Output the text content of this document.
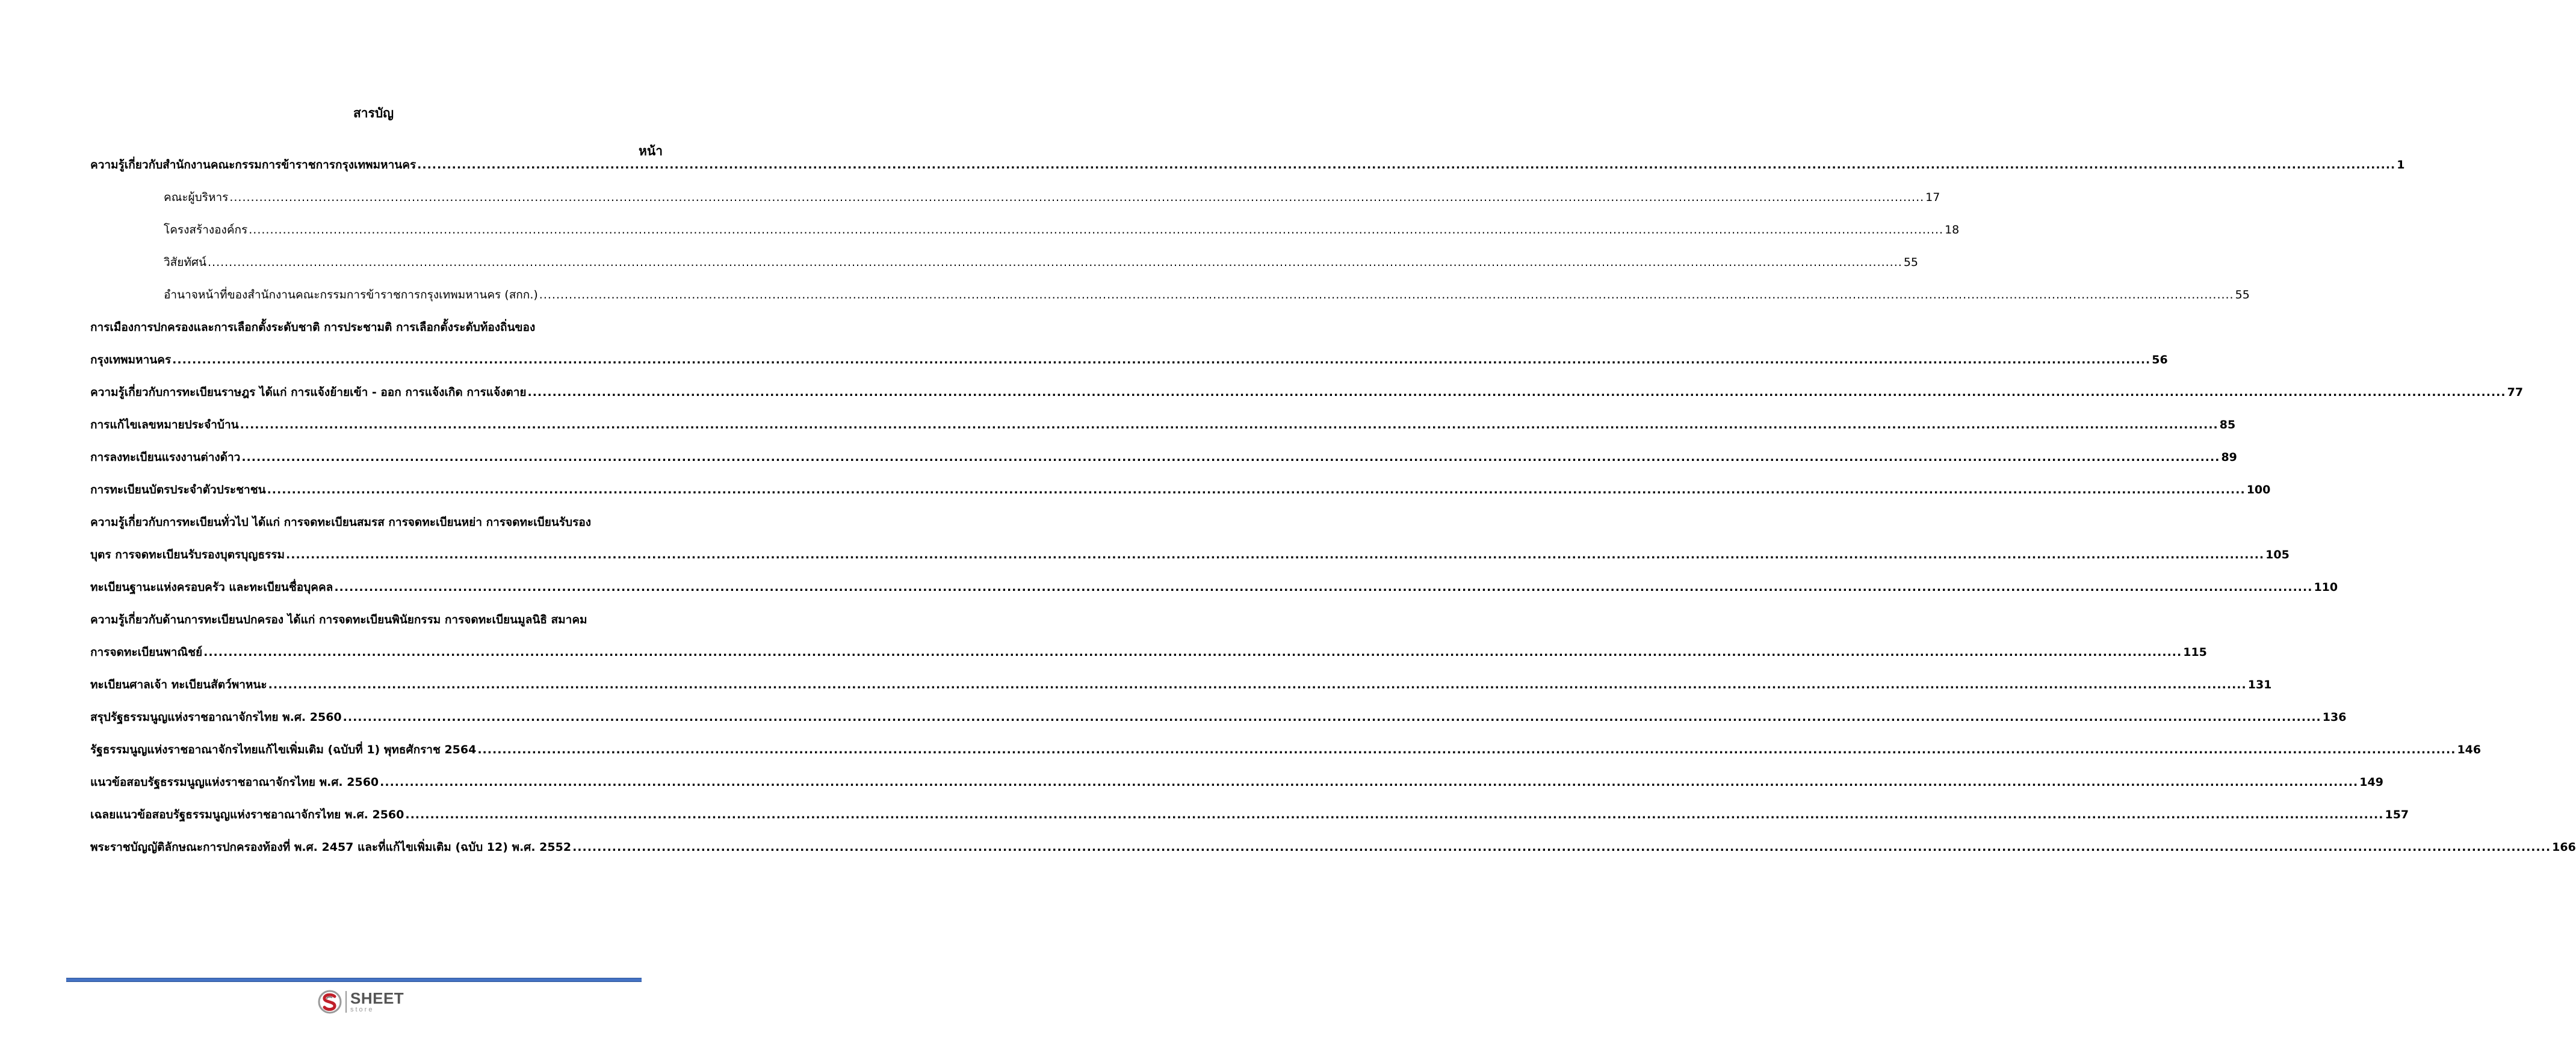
สารบัญ
หน้า
ความรู้เกี่ยวกับสำนักงานคณะกรรมการข้าราชการกรุงเทพมหานคร ................................................................................................................................................................................................................................................................................................................................................................................................................ 1
คณะผู้บริหาร ................................................................................................................................................................................................................................................................................................................................................................................................................ 17
โครงสร้างองค์กร ................................................................................................................................................................................................................................................................................................................................................................................................................ 18
วิสัยทัศน์ ................................................................................................................................................................................................................................................................................................................................................................................................................ 55
อำนาจหน้าที่ของสำนักงานคณะกรรมการข้าราชการกรุงเทพมหานคร (สกก.) ................................................................................................................................................................................................................................................................................................................................................................................................................ 55
การเมืองการปกครองและการเลือกตั้งระดับชาติ การประชามติ การเลือกตั้งระดับท้องถิ่นของ
กรุงเทพมหานคร ................................................................................................................................................................................................................................................................................................................................................................................................................ 56
ความรู้เกี่ยวกับการทะเบียนราษฎร ได้แก่ การแจ้งย้ายเข้า - ออก การแจ้งเกิด การแจ้งตาย ................................................................................................................................................................................................................................................................................................................................................................................................................ 77
การแก้ไขเลขหมายประจำบ้าน ................................................................................................................................................................................................................................................................................................................................................................................................................ 85
การลงทะเบียนแรงงานต่างด้าว ................................................................................................................................................................................................................................................................................................................................................................................................................ 89
การทะเบียนบัตรประจำตัวประชาชน ................................................................................................................................................................................................................................................................................................................................................................................................................ 100
ความรู้เกี่ยวกับการทะเบียนทั่วไป ได้แก่ การจดทะเบียนสมรส การจดทะเบียนหย่า การจดทะเบียนรับรอง
บุตร การจดทะเบียนรับรองบุตรบุญธรรม ................................................................................................................................................................................................................................................................................................................................................................................................................ 105
ทะเบียนฐานะแห่งครอบครัว และทะเบียนชื่อบุคคล ................................................................................................................................................................................................................................................................................................................................................................................................................ 110
ความรู้เกี่ยวกับด้านการทะเบียนปกครอง ได้แก่ การจดทะเบียนพินัยกรรม การจดทะเบียนมูลนิธิ สมาคม
การจดทะเบียนพาณิชย์ ................................................................................................................................................................................................................................................................................................................................................................................................................ 115
ทะเบียนศาลเจ้า ทะเบียนสัตว์พาหนะ ................................................................................................................................................................................................................................................................................................................................................................................................................ 131
สรุปรัฐธรรมนูญแห่งราชอาณาจักรไทย พ.ศ. 2560 ................................................................................................................................................................................................................................................................................................................................................................................................................ 136
รัฐธรรมนูญแห่งราชอาณาจักรไทยแก้ไขเพิ่มเติม (ฉบับที่ 1) พุทธศักราช 2564 ................................................................................................................................................................................................................................................................................................................................................................................................................ 146
แนวข้อสอบรัฐธรรมนูญแห่งราชอาณาจักรไทย พ.ศ. 2560 ................................................................................................................................................................................................................................................................................................................................................................................................................ 149
เฉลยแนวข้อสอบรัฐธรรมนูญแห่งราชอาณาจักรไทย พ.ศ. 2560 ................................................................................................................................................................................................................................................................................................................................................................................................................ 157
พระราชบัญญัติลักษณะการปกครองท้องที่ พ.ศ. 2457 และที่แก้ไขเพิ่มเติม (ฉบับ 12) พ.ศ. 2552 ................................................................................................................................................................................................................................................................................................................................................................................................................ 166
SHEET
store
